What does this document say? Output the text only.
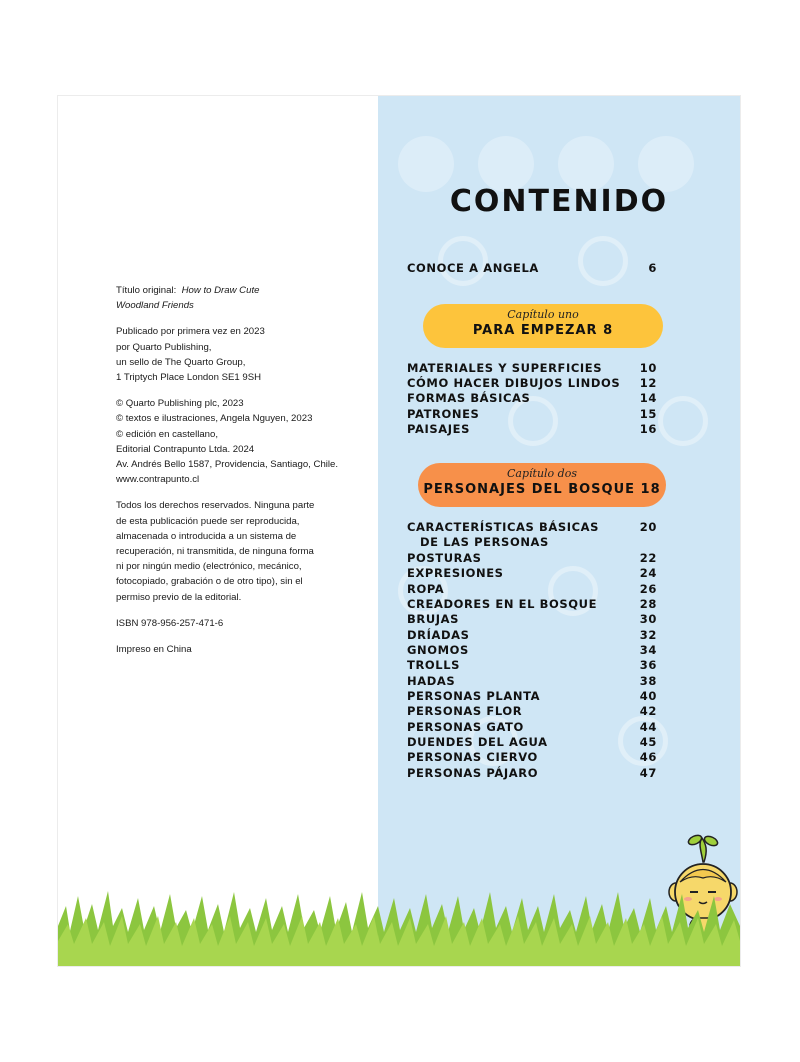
Título original: How to Draw Cute
Woodland Friends

Publicado por primera vez en 2023
por Quarto Publishing,
un sello de The Quarto Group,
1 Triptych Place London SE1 9SH

© Quarto Publishing plc, 2023
© textos e ilustraciones, Angela Nguyen, 2023
© edición en castellano,
Editorial Contrapunto Ltda. 2024
Av. Andrés Bello 1587, Providencia, Santiago, Chile.
www.contrapunto.cl

Todos los derechos reservados. Ninguna parte
de esta publicación puede ser reproducida,
almacenada o introducida a un sistema de
recuperación, ni transmitida, de ninguna forma
ni por ningún medio (electrónico, mecánico,
fotocopiado, grabación o de otro tipo), sin el
permiso previo de la editorial.

ISBN 978-956-257-471-6

Impreso en China

CONTENIDO
CONOCE A ANGELA	6
Capítulo uno
PARA EMPEZAR 8
MATERIALES Y SUPERFICIES	10
CÓMO HACER DIBUJOS LINDOS 12
FORMAS BÁSICAS	14
PATRONES	15
PAISAJES	16
Capítulo dos
PERSONAJES DEL BOSQUE 18
CARACTERÍSTICAS BÁSICAS	20
DE LAS PERSONAS
POSTURAS	22
EXPRESIONES	24
ROPA	26
CREADORES EN EL BOSQUE	28
BRUJAS	30
DRÍADAS	32
GNOMOS	34
TROLLS	36
HADAS	38
PERSONAS PLANTA	40
PERSONAS FLOR	42
PERSONAS GATO	44
DUENDES DEL AGUA	45
PERSONAS CIERVO	46
PERSONAS PÁJARO	47
